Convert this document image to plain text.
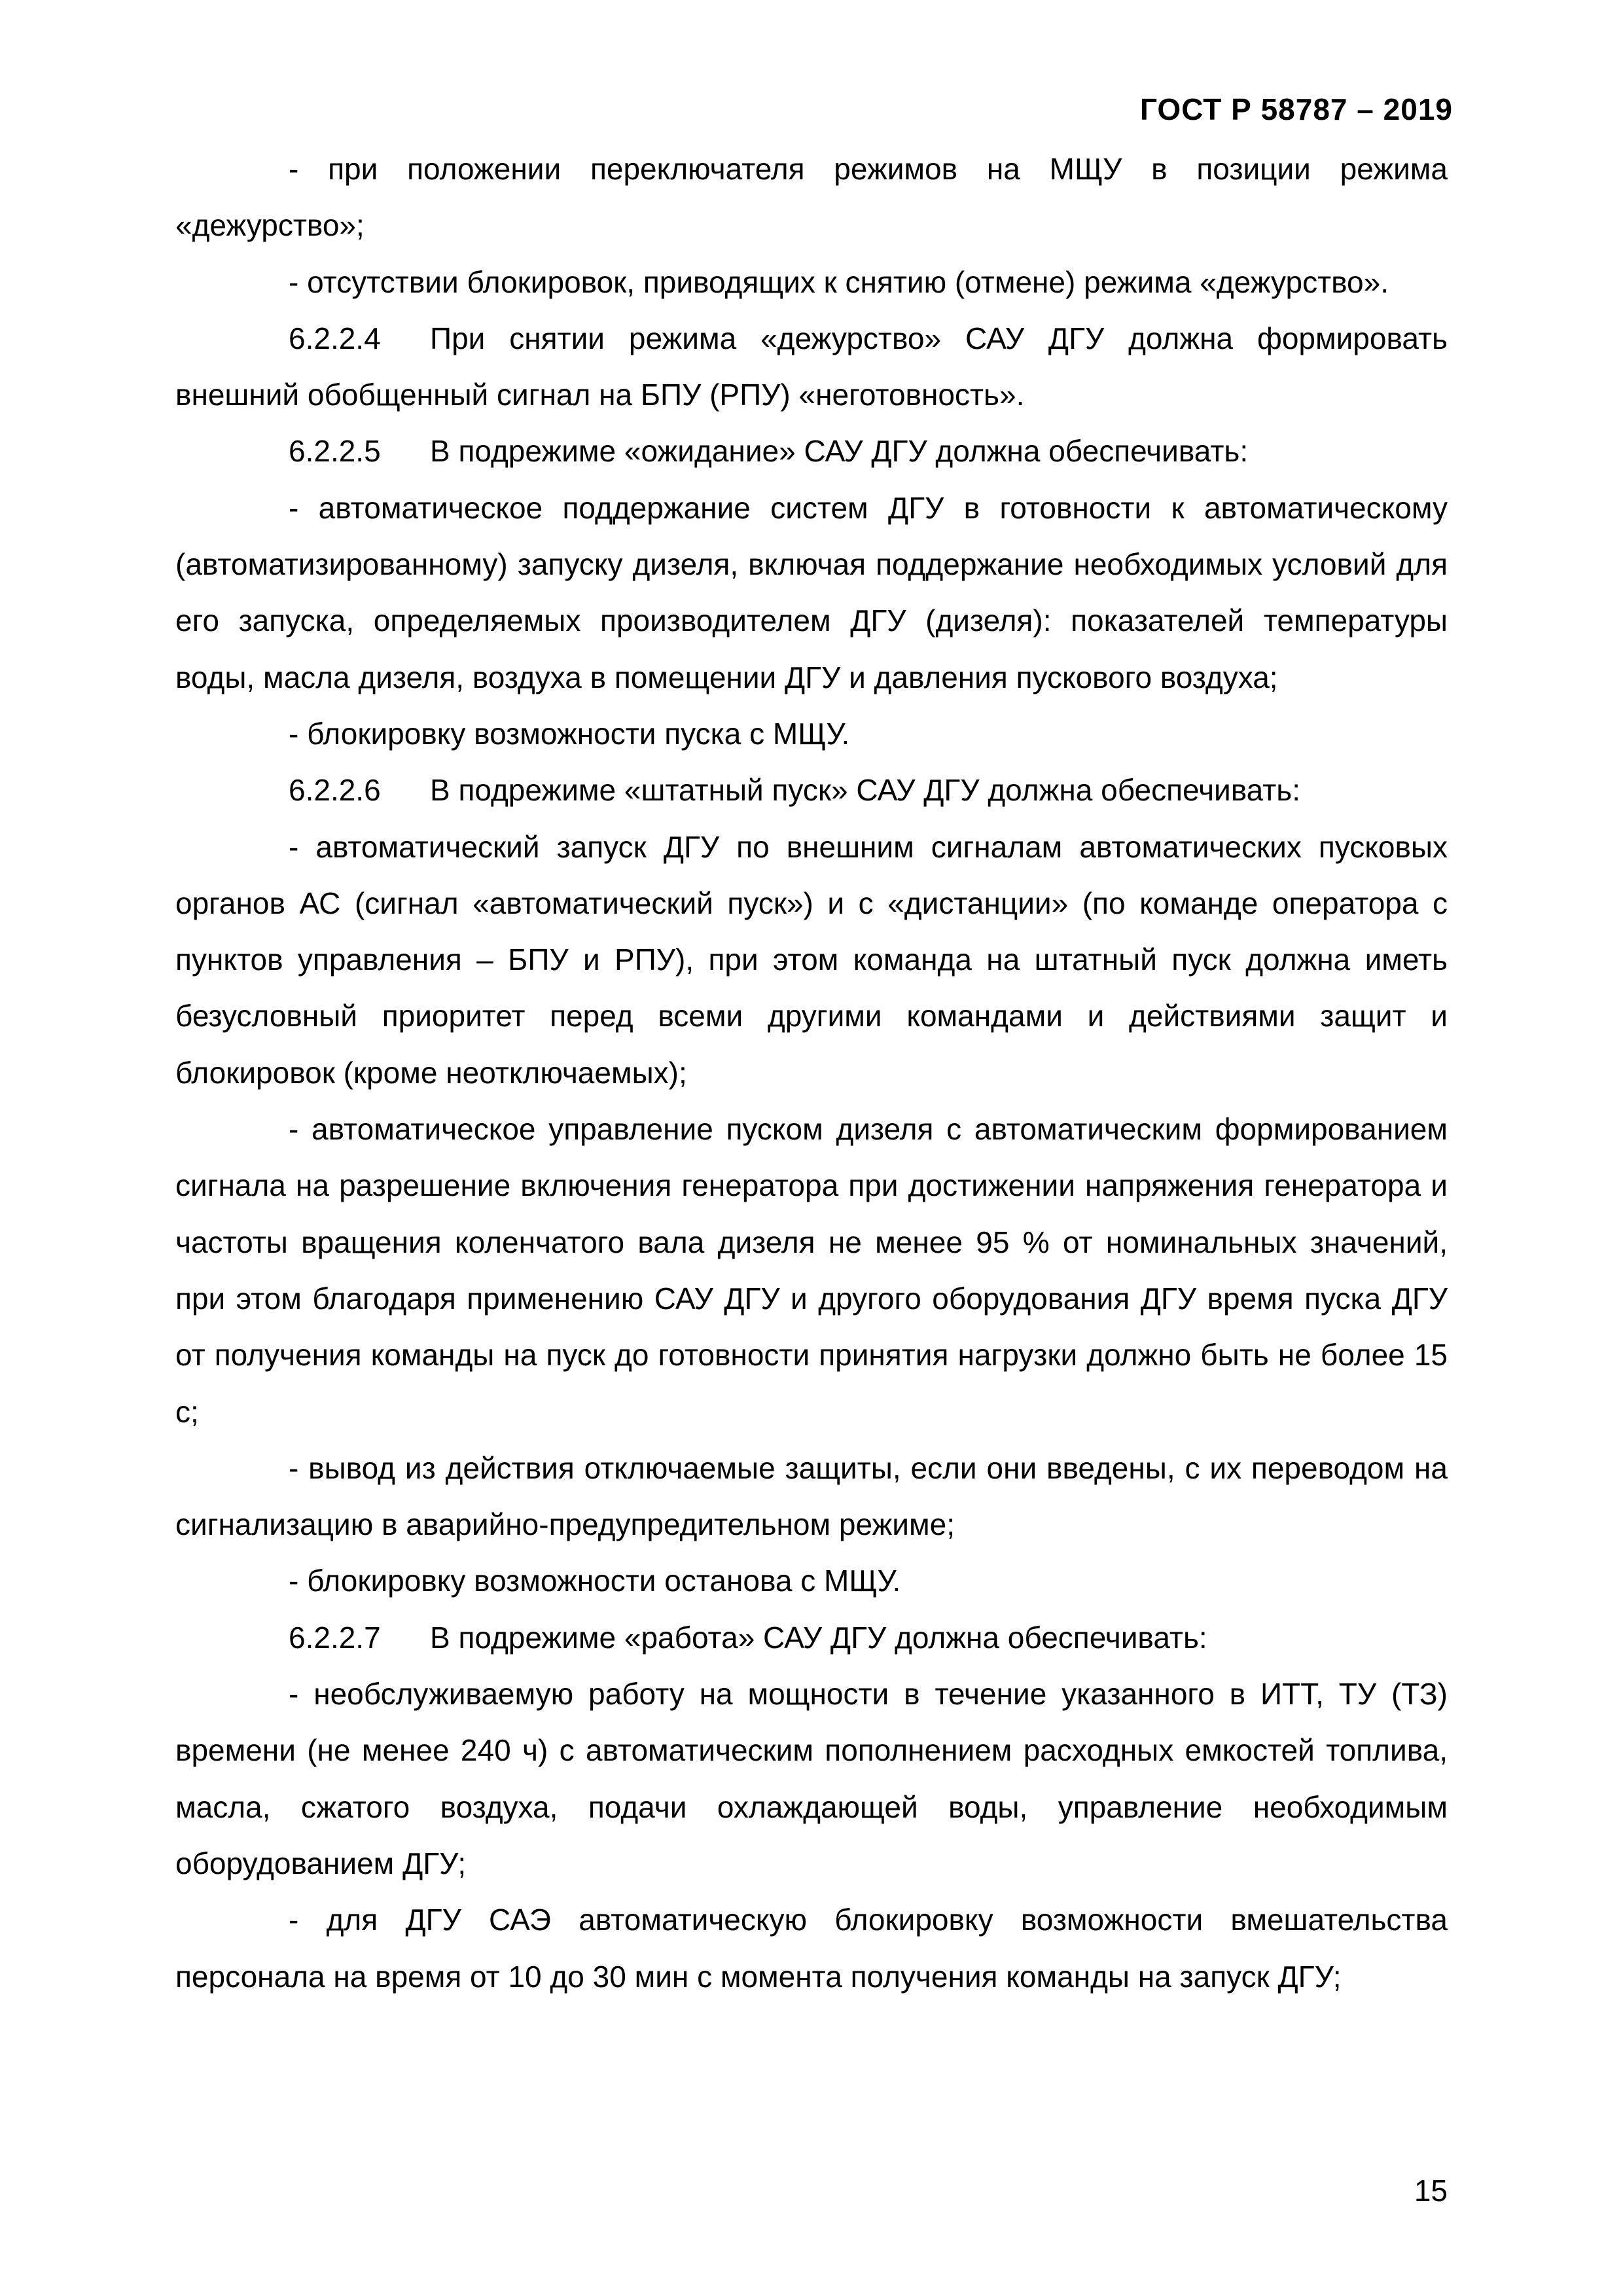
ГОСТ Р 58787 – 2019

- при положении переключателя режимов на МЩУ в позиции режима «дежурство»;

- отсутствии блокировок, приводящих к снятию (отмене) режима «дежурство».

6.2.2.4 При снятии режима «дежурство» САУ ДГУ должна формировать внешний обобщенный сигнал на БПУ (РПУ) «неготовность».

6.2.2.5 В подрежиме «ожидание» САУ ДГУ должна обеспечивать:

- автоматическое поддержание систем ДГУ в готовности к автоматическому (автоматизированному) запуску дизеля, включая поддержание необходимых условий для его запуска, определяемых производителем ДГУ (дизеля): показателей температуры воды, масла дизеля, воздуха в помещении ДГУ и давления пускового воздуха;

- блокировку возможности пуска с МЩУ.

6.2.2.6 В подрежиме «штатный пуск» САУ ДГУ должна обеспечивать:

- автоматический запуск ДГУ по внешним сигналам автоматических пусковых органов АС (сигнал «автоматический пуск») и с «дистанции» (по команде оператора с пунктов управления – БПУ и РПУ), при этом команда на штатный пуск должна иметь безусловный приоритет перед всеми другими командами и действиями защит и блокировок (кроме неотключаемых);

- автоматическое управление пуском дизеля с автоматическим формированием сигнала на разрешение включения генератора при достижении напряжения генератора и частоты вращения коленчатого вала дизеля не менее 95 % от номинальных значений, при этом благодаря применению САУ ДГУ и другого оборудования ДГУ время пуска ДГУ от получения команды на пуск до готовности принятия нагрузки должно быть не более 15 с;

- вывод из действия отключаемые защиты, если они введены, с их переводом на сигнализацию в аварийно-предупредительном режиме;

- блокировку возможности останова с МЩУ.

6.2.2.7 В подрежиме «работа» САУ ДГУ должна обеспечивать:

- необслуживаемую работу на мощности в течение указанного в ИТТ, ТУ (ТЗ) времени (не менее 240 ч) с автоматическим пополнением расходных емкостей топлива, масла, сжатого воздуха, подачи охлаждающей воды, управление необходимым оборудованием ДГУ;

- для ДГУ САЭ автоматическую блокировку возможности вмешательства персонала на время от 10 до 30 мин с момента получения команды на запуск ДГУ;

15
